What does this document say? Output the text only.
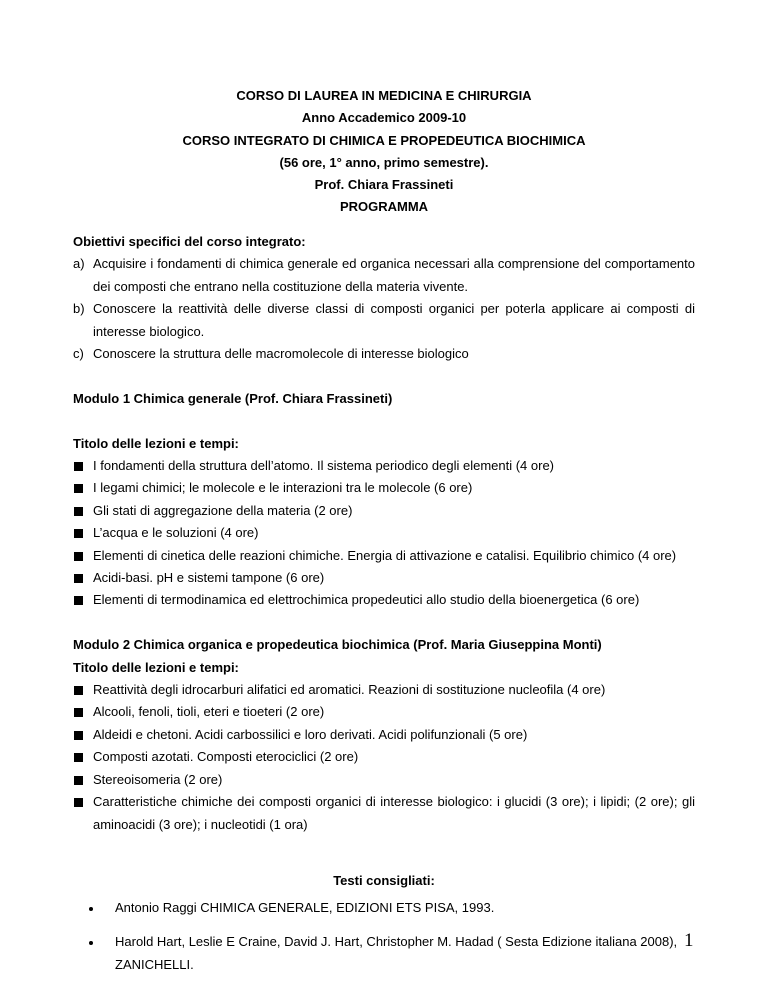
CORSO DI LAUREA IN MEDICINA E CHIRURGIA
Anno Accademico 2009-10
CORSO INTEGRATO DI CHIMICA E PROPEDEUTICA BIOCHIMICA
(56 ore, 1° anno, primo semestre).
Prof. Chiara Frassineti
PROGRAMMA
Obiettivi specifici del corso integrato:
a) Acquisire i fondamenti di chimica generale ed organica necessari alla comprensione del comportamento dei composti che entrano nella costituzione della materia vivente.
b) Conoscere la reattività delle diverse classi di composti organici per poterla applicare ai composti di interesse biologico.
c) Conoscere la struttura delle macromolecole di interesse biologico
Modulo 1 Chimica generale (Prof. Chiara Frassineti)
Titolo delle lezioni e tempi:
I fondamenti della struttura dell’atomo. Il sistema periodico degli elementi (4 ore)
I legami chimici; le molecole e le interazioni tra le molecole (6 ore)
Gli stati di aggregazione della materia (2 ore)
L’acqua e le soluzioni (4 ore)
Elementi di cinetica delle reazioni chimiche. Energia di attivazione e catalisi. Equilibrio chimico (4 ore)
Acidi-basi. pH e sistemi tampone (6 ore)
Elementi di termodinamica ed elettrochimica propedeutici allo studio della bioenergetica (6 ore)
Modulo 2 Chimica organica e propedeutica biochimica (Prof. Maria Giuseppina Monti)
Titolo delle lezioni e tempi:
Reattività degli idrocarburi alifatici ed aromatici. Reazioni di sostituzione nucleofila (4 ore)
Alcooli, fenoli, tioli, eteri e tioeteri (2 ore)
Aldeidi e chetoni. Acidi carbossilici e loro derivati. Acidi polifunzionali (5 ore)
Composti azotati. Composti eterociclici (2 ore)
Stereoisomeria (2 ore)
Caratteristiche chimiche dei composti organici di interesse biologico: i glucidi (3 ore); i lipidi; (2 ore); gli aminoacidi (3 ore); i nucleotidi (1 ora)
Testi consigliati:
Antonio Raggi CHIMICA GENERALE, EDIZIONI ETS PISA, 1993.
Harold Hart, Leslie E Craine, David J. Hart, Christopher M. Hadad ( Sesta Edizione italiana 2008), ZANICHELLI.
1
